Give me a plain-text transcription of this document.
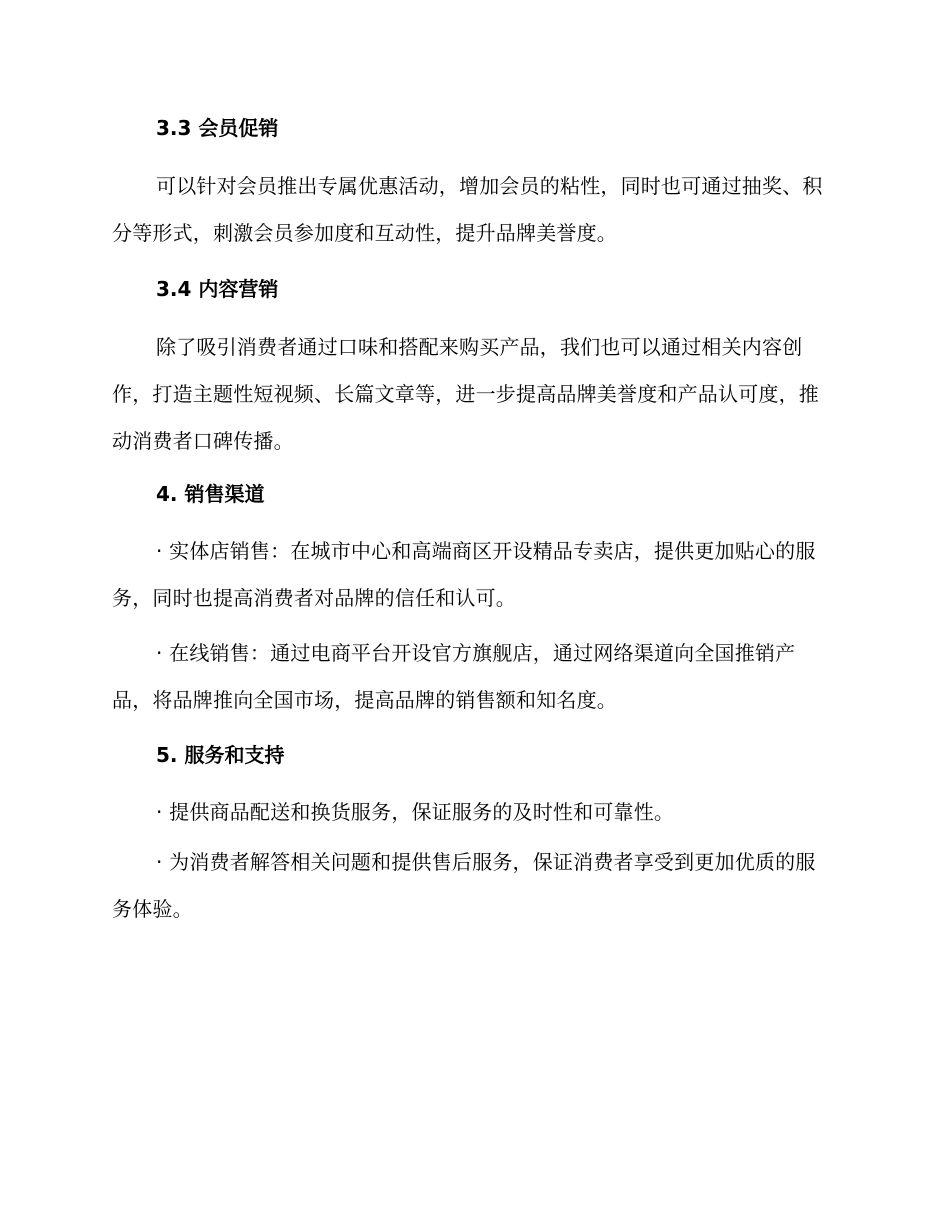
3.3 会员促销
可以针对会员推出专属优惠活动，增加会员的粘性，同时也可通过抽奖、积分等形式，刺激会员参加度和互动性，提升品牌美誉度。
3.4 内容营销
除了吸引消费者通过口味和搭配来购买产品，我们也可以通过相关内容创作，打造主题性短视频、长篇文章等，进一步提高品牌美誉度和产品认可度，推动消费者口碑传播。
4. 销售渠道
· 实体店销售：在城市中心和高端商区开设精品专卖店，提供更加贴心的服务，同时也提高消费者对品牌的信任和认可。
· 在线销售：通过电商平台开设官方旗舰店，通过网络渠道向全国推销产品，将品牌推向全国市场，提高品牌的销售额和知名度。
5. 服务和支持
· 提供商品配送和换货服务，保证服务的及时性和可靠性。
· 为消费者解答相关问题和提供售后服务，保证消费者享受到更加优质的服务体验。
